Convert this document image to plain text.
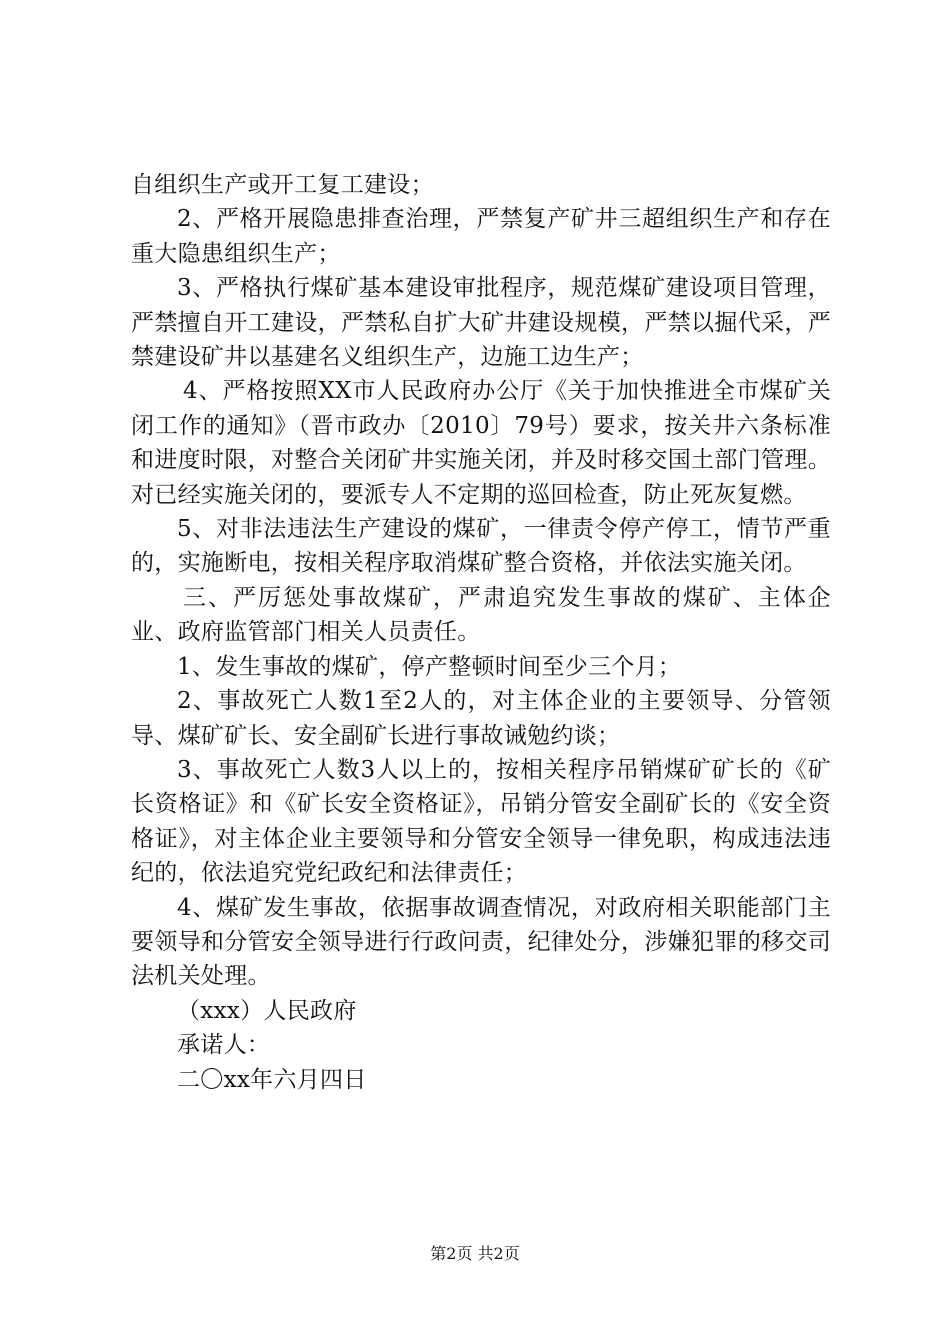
自组织生产或开工复工建设；

2、严格开展隐患排查治理，严禁复产矿井三超组织生产和存在重大隐患组织生产；

3、严格执行煤矿基本建设审批程序，规范煤矿建设项目管理，严禁擅自开工建设，严禁私自扩大矿井建设规模，严禁以掘代采，严禁建设矿井以基建名义组织生产，边施工边生产；

4、严格按照XX市人民政府办公厅《关于加快推进全市煤矿关闭工作的通知》（晋市政办〔2010〕79号）要求，按关井六条标准和进度时限，对整合关闭矿井实施关闭，并及时移交国土部门管理。对已经实施关闭的，要派专人不定期的巡回检查，防止死灰复燃。

5、对非法违法生产建设的煤矿，一律责令停产停工，情节严重的，实施断电，按相关程序取消煤矿整合资格，并依法实施关闭。

三、严厉惩处事故煤矿，严肃追究发生事故的煤矿、主体企业、政府监管部门相关人员责任。

1、发生事故的煤矿，停产整顿时间至少三个月；

2、事故死亡人数1至2人的，对主体企业的主要领导、分管领导、煤矿矿长、安全副矿长进行事故诫勉约谈；

3、事故死亡人数3人以上的，按相关程序吊销煤矿矿长的《矿长资格证》和《矿长安全资格证》，吊销分管安全副矿长的《安全资格证》，对主体企业主要领导和分管安全领导一律免职，构成违法违纪的，依法追究党纪政纪和法律责任；

4、煤矿发生事故，依据事故调查情况，对政府相关职能部门主要领导和分管安全领导进行行政问责，纪律处分，涉嫌犯罪的移交司法机关处理。

（xxx）人民政府

承诺人：

二〇xx年六月四日

第2页 共2页
